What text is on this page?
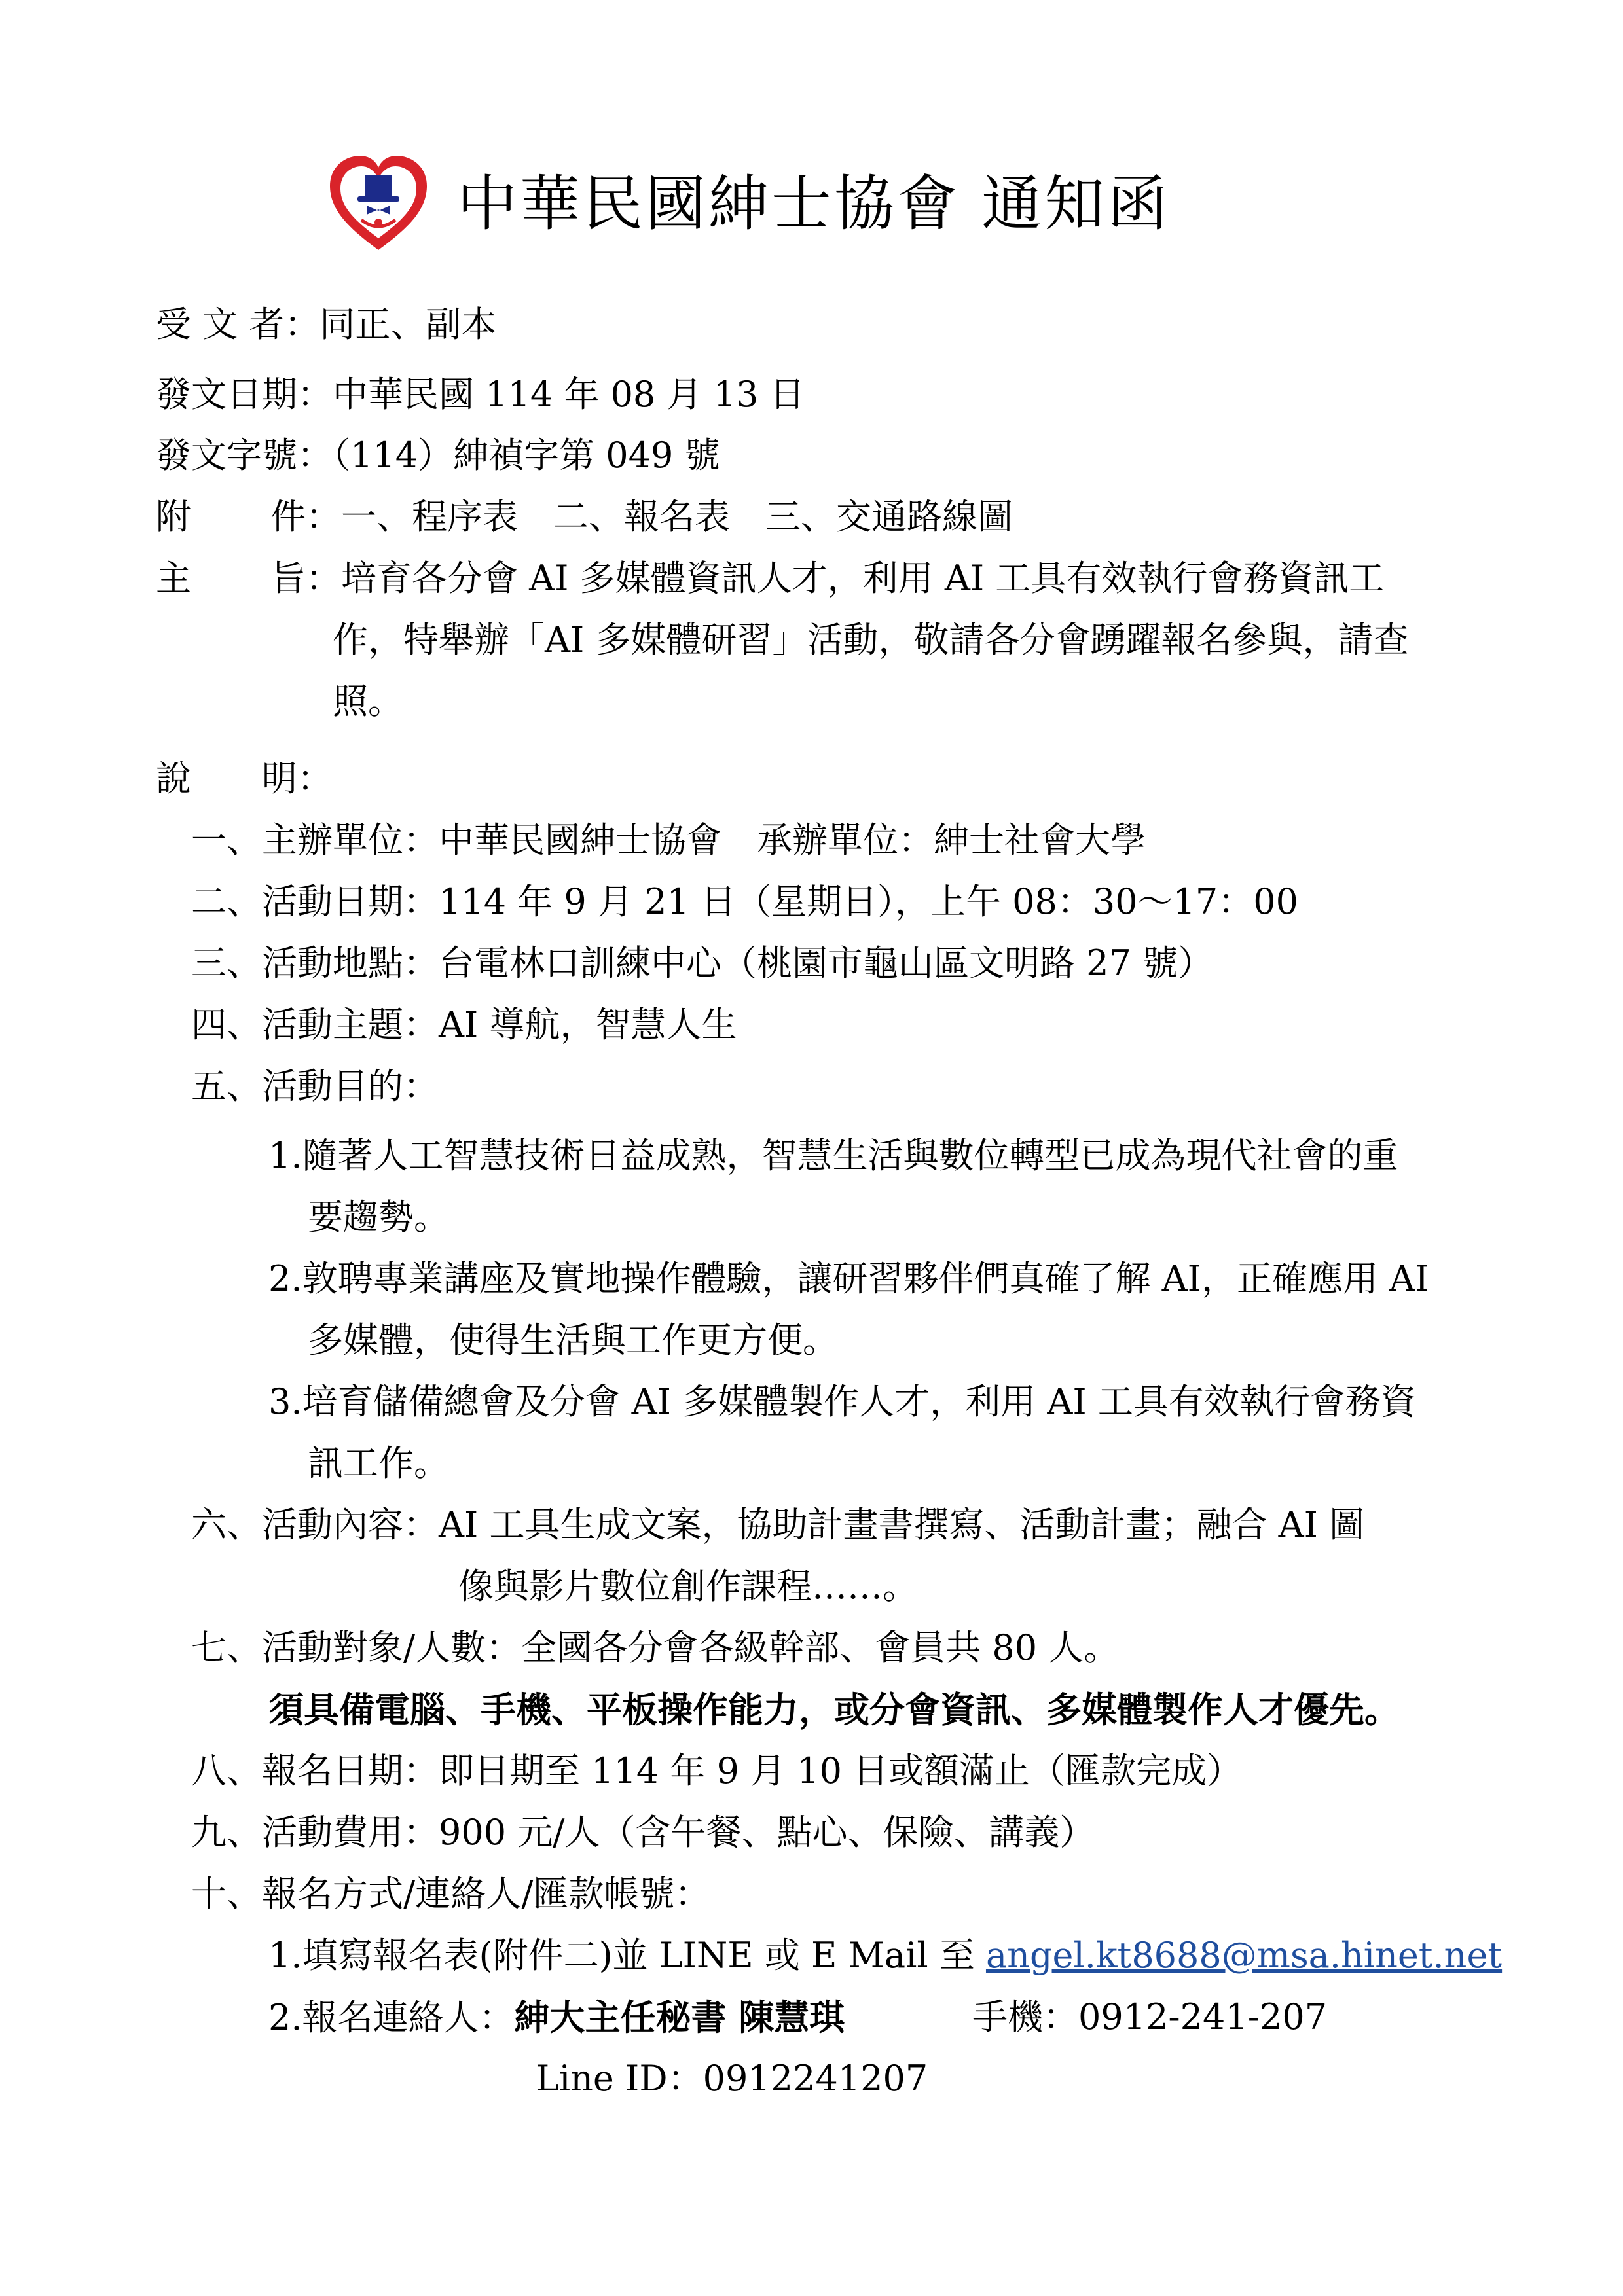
中華民國紳士協會 通知函
受 文 者：同正、副本
發文日期：中華民國 114 年 08 月 13 日
發文字號：（114）紳禎字第 049 號
附 件：一、程序表　二、報名表　三、交通路線圖
主 旨：培育各分會 AI 多媒體資訊人才，利用 AI 工具有效執行會務資訊工
作，特舉辦「AI 多媒體研習」活動，敬請各分會踴躍報名參與，請查
照。
說　　明：
一、主辦單位：中華民國紳士協會　承辦單位：紳士社會大學
二、活動日期：114 年 9 月 21 日（星期日），上午 08：30～17：00
三、活動地點：台電林口訓練中心（桃園市龜山區文明路 27 號）
四、活動主題：AI 導航，智慧人生
五、活動目的：
1.隨著人工智慧技術日益成熟，智慧生活與數位轉型已成為現代社會的重
要趨勢。
2.敦聘專業講座及實地操作體驗，讓研習夥伴們真確了解 AI，正確應用 AI
多媒體，使得生活與工作更方便。
3.培育儲備總會及分會 AI 多媒體製作人才，利用 AI 工具有效執行會務資
訊工作。
六、活動內容：AI 工具生成文案，協助計畫書撰寫、活動計畫；融合 AI 圖
像與影片數位創作課程……。
七、活動對象/人數：全國各分會各級幹部、會員共 80 人。
須具備電腦、手機、平板操作能力，或分會資訊、多媒體製作人才優先。
八、報名日期：即日期至 114 年 9 月 10 日或額滿止（匯款完成）
九、活動費用：900 元/人（含午餐、點心、保險、講義）
十、報名方式/連絡人/匯款帳號：
1.填寫報名表(附件二)並 LINE 或 E Mail 至 angel.kt8688@msa.hinet.net
2.報名連絡人：紳大主任秘書 陳慧琪	手機：0912-241-207
Line ID：0912241207
